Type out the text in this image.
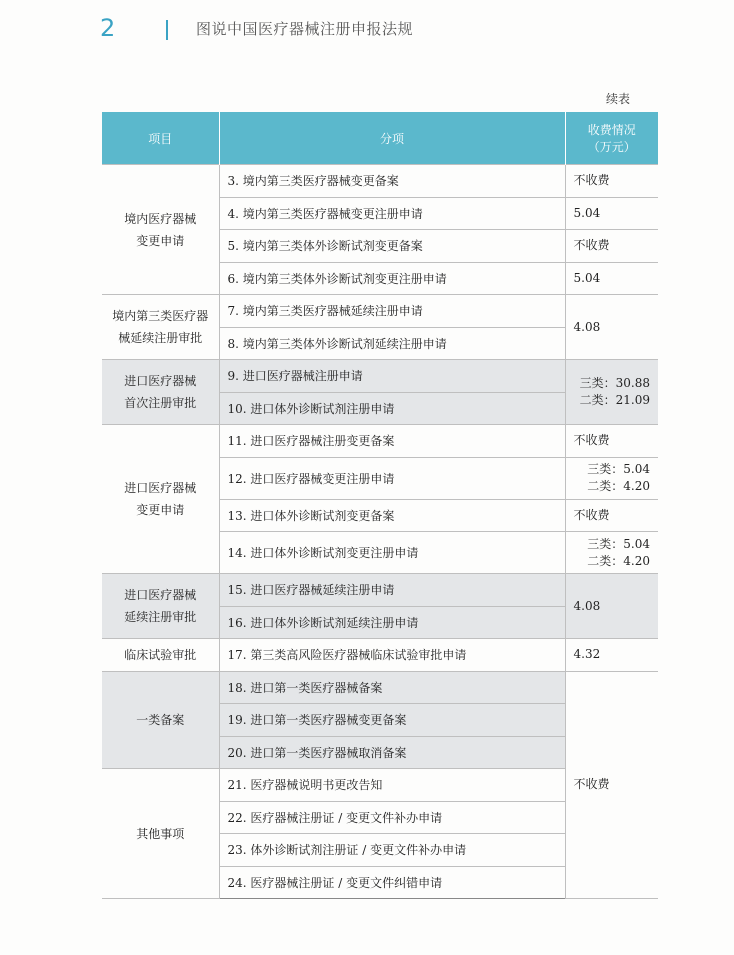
2	图说中国医疗器械注册申报法规
续表
项目	分项	收费情况
（万元）
境内医疗器械
变更申请	3. 境内第三类医疗器械变更备案	不收费
	4. 境内第三类医疗器械变更注册申请	5.04
	5. 境内第三类体外诊断试剂变更备案	不收费
	6. 境内第三类体外诊断试剂变更注册申请	5.04
境内第三类医疗器
械延续注册审批	7. 境内第三类医疗器械延续注册申请	4.08
	8. 境内第三类体外诊断试剂延续注册申请	
进口医疗器械
首次注册审批	9. 进口医疗器械注册申请	三类：30.88
二类：21.09
	10. 进口体外诊断试剂注册申请	
进口医疗器械
变更申请	11. 进口医疗器械注册变更备案	不收费
	12. 进口医疗器械变更注册申请	三类：5.04
二类：4.20
	13. 进口体外诊断试剂变更备案	不收费
	14. 进口体外诊断试剂变更注册申请	三类：5.04
二类：4.20
进口医疗器械
延续注册审批	15. 进口医疗器械延续注册申请	4.08
	16. 进口体外诊断试剂延续注册申请	
临床试验审批	17. 第三类高风险医疗器械临床试验审批申请	4.32
一类备案	18. 进口第一类医疗器械备案	不收费
	19. 进口第一类医疗器械变更备案	
	20. 进口第一类医疗器械取消备案	
其他事项	21. 医疗器械说明书更改告知	
	22. 医疗器械注册证 / 变更文件补办申请	
	23. 体外诊断试剂注册证 / 变更文件补办申请	
	24. 医疗器械注册证 / 变更文件纠错申请	
